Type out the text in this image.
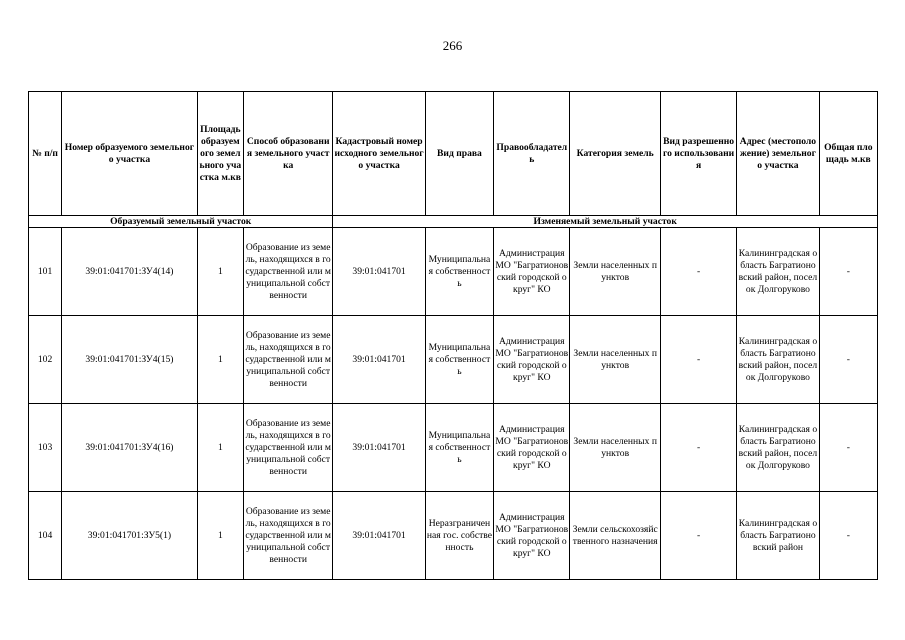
266
№ п/п	Номер образуемого земельного участка	Площадь образуемого земельного участка м.кв	Способ образования земельного участка	Кадастровый номер исходного земельного участка	Вид права	Правообладатель	Категория земель	Вид разрешенного использования	Адрес (местоположение) земельного участка	Общая площадь м.кв
Образуемый земельный участок				Изменяемый земельный участок						
101	39:01:041701:ЗУ4(14)	1	Образование из земель, находящихся в государственной или муниципальной собственности	39:01:041701	Муниципальная собственность	Администрация МО "Багратионовский городской округ" КО	Земли населенных пунктов	-	Калининградская область Багратионовский район, поселок Долгоруково	-
102	39:01:041701:ЗУ4(15)	1	Образование из земель, находящихся в государственной или муниципальной собственности	39:01:041701	Муниципальная собственность	Администрация МО "Багратионовский городской округ" КО	Земли населенных пунктов	-	Калининградская область Багратионовский район, поселок Долгоруково	-
103	39:01:041701:ЗУ4(16)	1	Образование из земель, находящихся в государственной или муниципальной собственности	39:01:041701	Муниципальная собственность	Администрация МО "Багратионовский городской округ" КО	Земли населенных пунктов	-	Калининградская область Багратионовский район, поселок Долгоруково	-
104	39:01:041701:ЗУ5(1)	1	Образование из земель, находящихся в государственной или муниципальной собственности	39:01:041701	Неразграниченная гос. собственность	Администрация МО "Багратионовский городской округ" КО	Земли сельскохозяйственного назначения	-	Калининградская область Багратионовский район	-
